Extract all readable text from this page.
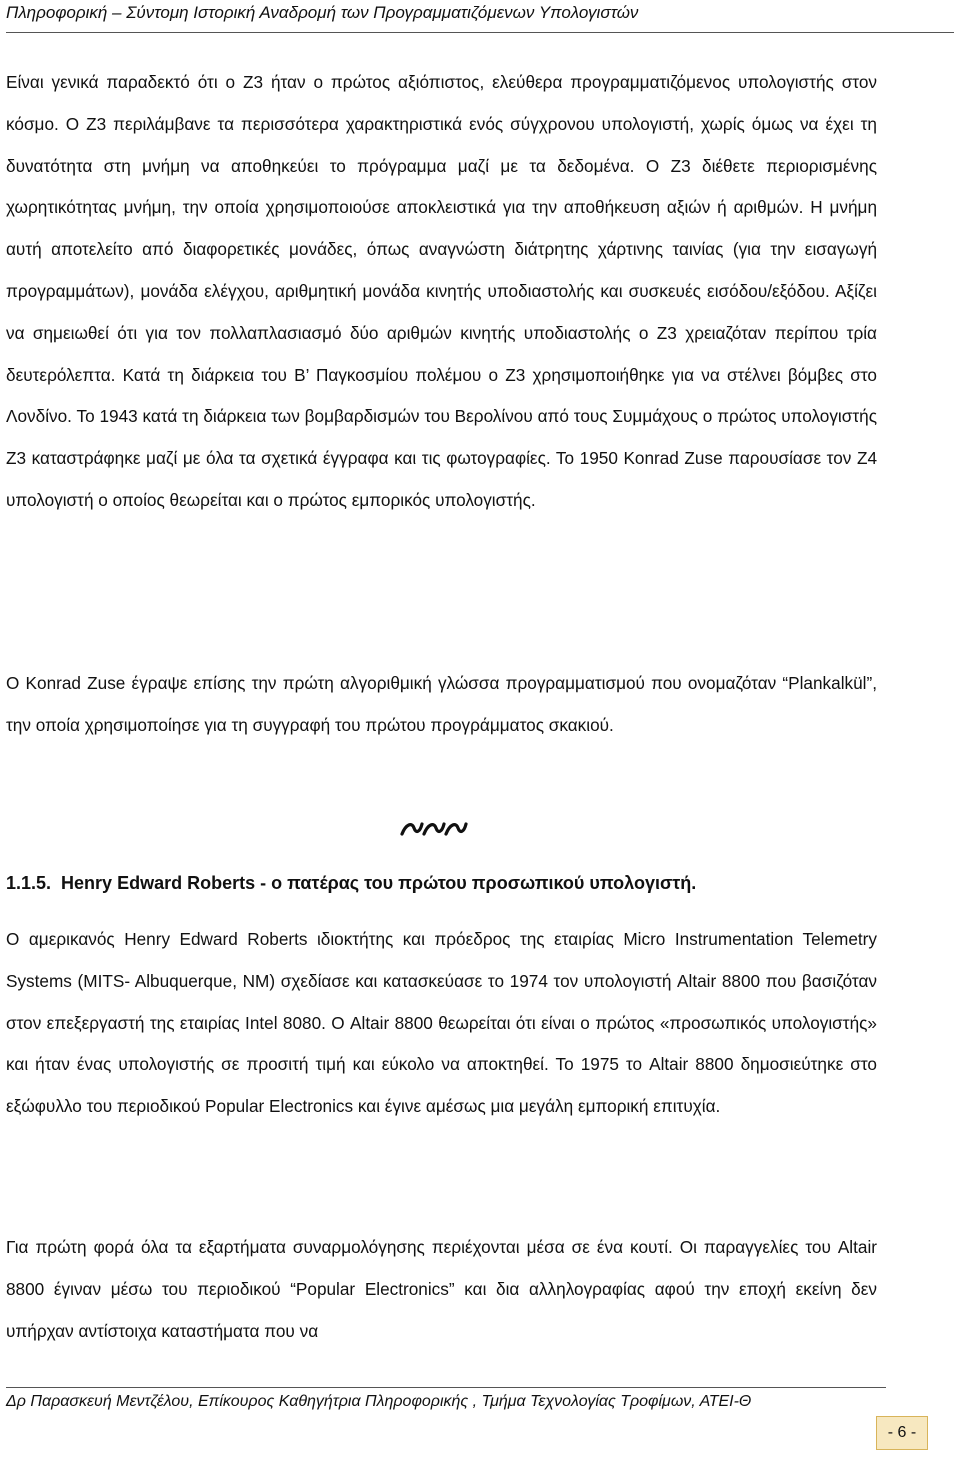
Πληροφορική – Σύντομη Ιστορική Αναδρομή των Προγραμματιζόμενων Υπολογιστών

Είναι γενικά παραδεκτό ότι ο Ζ3 ήταν ο πρώτος αξιόπιστος, ελεύθερα προγραμματιζόμενος υπολογιστής στον κόσμο. Ο Ζ3 περιλάμβανε τα περισσότερα χαρακτηριστικά ενός σύγχρονου υπολογιστή, χωρίς όμως να έχει τη δυνατότητα στη μνήμη να αποθηκεύει το πρόγραμμα μαζί με τα δεδομένα. Ο Ζ3 διέθετε περιορισμένης χωρητικότητας μνήμη, την οποία χρησιμοποιούσε αποκλειστικά για την αποθήκευση αξιών ή αριθμών. Η μνήμη αυτή αποτελείτο από διαφορετικές μονάδες, όπως αναγνώστη διάτρητης χάρτινης ταινίας (για την εισαγωγή προγραμμάτων), μονάδα ελέγχου, αριθμητική μονάδα κινητής υποδιαστολής και συσκευές εισόδου/εξόδου. Αξίζει να σημειωθεί ότι για τον πολλαπλασιασμό δύο αριθμών κινητής υποδιαστολής ο Ζ3 χρειαζόταν περίπου τρία δευτερόλεπτα. Κατά τη διάρκεια του Β’ Παγκοσμίου πολέμου ο Ζ3 χρησιμοποιήθηκε για να στέλνει βόμβες στο Λονδίνο. Το 1943 κατά τη διάρκεια των βομβαρδισμών του Βερολίνου από τους Συμμάχους ο πρώτος υπολογιστής Ζ3 καταστράφηκε μαζί με όλα τα σχετικά έγγραφα και τις φωτογραφίες. Το 1950 Konrad Zuse παρουσίασε τον Ζ4 υπολογιστή ο οποίος θεωρείται και ο πρώτος εμπορικός υπολογιστής.

Ο Konrad Zuse έγραψε επίσης την πρώτη αλγοριθμική γλώσσα προγραμματισμού που ονομαζόταν “Plankalkül”, την οποία χρησιμοποίησε για τη συγγραφή του πρώτου προγράμματος σκακιού.

1.1.5. Henry Edward Roberts - ο πατέρας του πρώτου προσωπικού υπολογιστή.

Ο αμερικανός Henry Edward Roberts ιδιοκτήτης και πρόεδρος της εταιρίας Micro Instrumentation Telemetry Systems (MITS- Albuquerque, NM) σχεδίασε και κατασκεύασε το 1974 τον υπολογιστή Altair 8800 που βασιζόταν στον επεξεργαστή της εταιρίας Intel 8080. Ο Altair 8800 θεωρείται ότι είναι ο πρώτος «προσωπικός υπολογιστής» και ήταν ένας υπολογιστής σε προσιτή τιμή και εύκολο να αποκτηθεί. Το 1975 το Altair 8800 δημοσιεύτηκε στο εξώφυλλο του περιοδικού Popular Electronics και έγινε αμέσως μια μεγάλη εμπορική επιτυχία.

Για πρώτη φορά όλα τα εξαρτήματα συναρμολόγησης περιέχονται μέσα σε ένα κουτί. Οι παραγγελίες του Altair 8800 έγιναν μέσω του περιοδικού “Popular Electronics” και δια αλληλογραφίας αφού την εποχή εκείνη δεν υπήρχαν αντίστοιχα καταστήματα που να

Δρ Παρασκευή Μεντζέλου, Επίκουρος Καθηγήτρια Πληροφορικής , Τμήμα Τεχνολογίας Τροφίμων, ΑΤΕΙ-Θ
- 6 -
